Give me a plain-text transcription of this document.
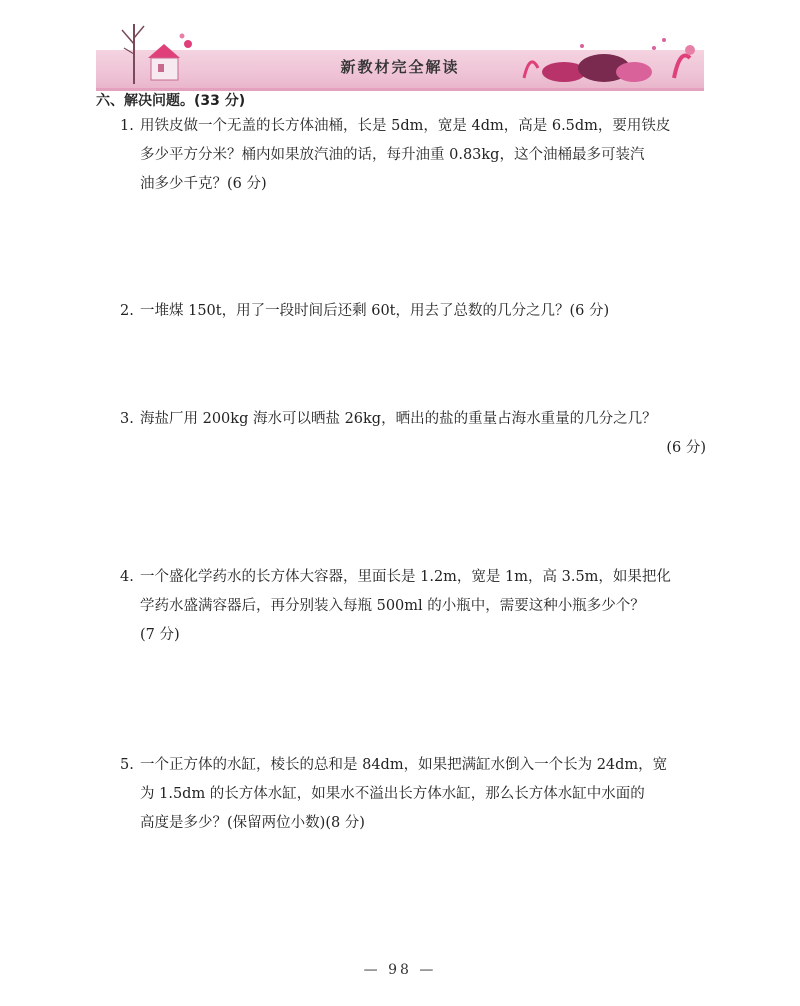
新教材完全解读
六、解决问题。(33 分)
1. 用铁皮做一个无盖的长方体油桶，长是 5dm，宽是 4dm，高是 6.5dm，要用铁皮
多少平方分米？桶内如果放汽油的话，每升油重 0.83kg，这个油桶最多可装汽
油多少千克？(6 分)
2. 一堆煤 150t，用了一段时间后还剩 60t，用去了总数的几分之几？(6 分)
3. 海盐厂用 200kg 海水可以晒盐 26kg，晒出的盐的重量占海水重量的几分之几？
(6 分)
4. 一个盛化学药水的长方体大容器，里面长是 1.2m，宽是 1m，高 3.5m，如果把化
学药水盛满容器后，再分别装入每瓶 500ml 的小瓶中，需要这种小瓶多少个？
(7 分)
5. 一个正方体的水缸，棱长的总和是 84dm，如果把满缸水倒入一个长为 24dm，宽
为 1.5dm 的长方体水缸，如果水不溢出长方体水缸，那么长方体水缸中水面的
高度是多少？(保留两位小数)(8 分)
— 98 —
